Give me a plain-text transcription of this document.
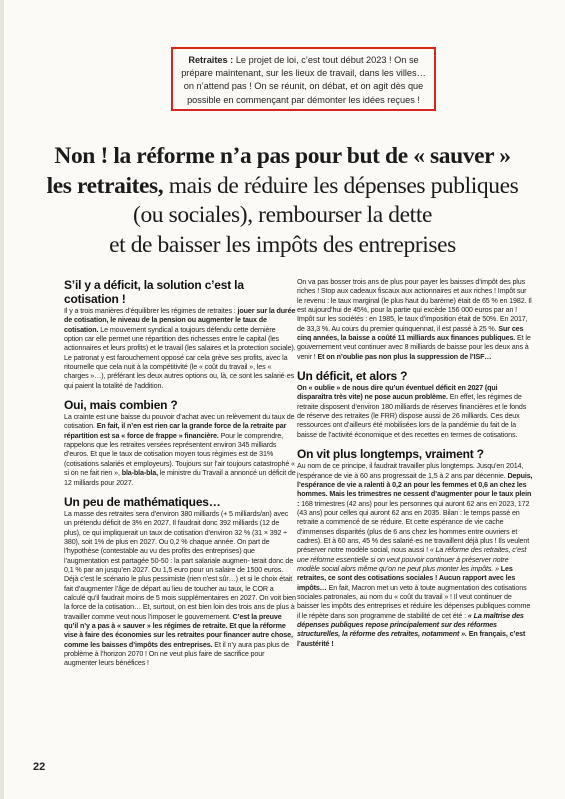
Retraites : Le projet de loi, c’est tout début 2023 ! On se prépare maintenant, sur les lieux de travail, dans les villes… on n’attend pas ! On se réunit, on débat, et on agit dès que possible en commençant par démonter les idées reçues !
Non ! la réforme n’a pas pour but de « sauver »
les retraites, mais de réduire les dépenses publiques
(ou sociales), rembourser la dette
et de baisser les impôts des entreprises
S’il y a déficit, la solution c’est la cotisation !

Il y a trois manières d’équilibrer les régimes de retraites : jouer sur la durée de cotisation, le niveau de la pension ou augmenter le taux de cotisation. Le mouvement syndical a toujours défendu cette dernière option car elle permet une répartition des richesses entre le capital (les actionnaires et leurs profits) et le travail (les salaires et la protection sociale). Le patronat y est farouchement opposé car cela grève ses profits, avec la ritournelle que cela nuit à la compétitivité (le « coût du travail », les « charges »…), préférant les deux autres options ou, là, ce sont les salarié·es qui paient la totalité de l’addition.

Oui, mais combien ?

La crainte est une baisse du pouvoir d’achat avec un relèvement du taux de cotisation. En fait, il n’en est rien car la grande force de la retraite par répartition est sa « force de frappe » financière. Pour le comprendre, rappelons que les retraites versées représentent environ 345 milliards d’euros. Et que le taux de cotisation moyen tous régimes est de 31% (cotisations salariés et employeurs). Toujours sur l’air toujours catastrophé « si on ne fait rien », bla-bla-bla, le ministre du Travail a annoncé un déficit de 12 milliards pour 2027.

Un peu de mathématiques…

La masse des retraites sera d’environ 380 milliards (+ 5 milliards/an) avec un prétendu déficit de 3% en 2027. Il faudrait donc 392 milliards (12 de plus), ce qui impliquerait un taux de cotisation d’environ 32 % (31 × 392 ÷ 380), soit 1% de plus en 2027. Ou 0,2 % chaque année. On part de l’hypothèse (contestable au vu des profits des entreprises) que l’augmentation est partagée 50-50 : la part salariale augmen- terait donc de 0,1 % par an jusqu’en 2027. Ou 1,5 euro pour un salaire de 1500 euros. Déjà c’est le scénario le plus pessimiste (rien n’est sûr…) et si le choix était fait d’augmenter l’âge de départ au lieu de toucher au taux, le COR a calculé qu’il faudrait moins de 5 mois supplémentaires en 2027. On voit bien la force de la cotisation… Et, surtout, on est bien loin des trois ans de plus à travailler comme veut nous l’imposer le gouvernement. C’est la preuve qu’il n’y a pas à « sauver » les régimes de retraite. Et que la réforme vise à faire des économies sur les retraites pour financer autre chose, comme les baisses d’impôts des entreprises. Et il n’y aura pas plus de problème à l’horizon 2070 ! On ne veut plus faire de sacrifice pour augmenter leurs bénéfices !

On va pas bosser trois ans de plus pour payer les baisses d’impôt des plus riches ! Stop aux cadeaux fiscaux aux actionnaires et aux riches ! Impôt sur le revenu : le taux marginal (le plus haut du barème) était de 65 % en 1982. Il est aujourd’hui de 45%, pour la partie qui excède 156 000 euros par an ! Impôt sur les sociétés : en 1985, le taux d’imposition était de 50%. En 2017, de 33,3 %. Au cours du premier quinquennat, il est passé à 25 %. Sur ces cinq années, la baisse a coûté 11 milliards aux finances publiques. Et le gouvernement veut continuer avec 8 milliards de baisse pour les deux ans à venir ! Et on n’oublie pas non plus la suppression de l’ISF…

Un déficit, et alors ?

On « oublie » de nous dire qu’un éventuel déficit en 2027 (qui disparaîtra très vite) ne pose aucun problème. En effet, les régimes de retraite disposent d’environ 180 milliards de réserves financières et le fonds de réserve des retraites (le FRR) dispose aussi de 26 milliards. Ces deux ressources ont d’ailleurs été mobilisées lors de la pandémie du fait de la baisse de l’activité économique et des recettes en termes de cotisations.

On vit plus longtemps, vraiment ?

Au nom de ce principe, il faudrait travailler plus longtemps. Jusqu’en 2014, l’espérance de vie à 60 ans progressait de 1,5 à 2 ans par décennie. Depuis, l’espérance de vie a ralenti à 0,2 an pour les femmes et 0,6 an chez les hommes. Mais les trimestres ne cessent d’augmenter pour le taux plein : 168 trimestres (42 ans) pour les personnes qui auront 62 ans en 2023, 172 (43 ans) pour celles qui auront 62 ans en 2035. Bilan : le temps passé en retraite a commencé de se réduire. Et cette espérance de vie cache d’immenses disparités (plus de 6 ans chez les hommes entre ouvriers et cadres). Et à 60 ans, 45 % des salarié·es ne travaillent déjà plus ! Ils veulent préserver notre modèle social, nous aussi ! « La réforme des retraites, c’est une réforme essentielle si on veut pouvoir continuer à préserver notre modèle social alors même qu’on ne peut plus monter les impôts. » Les retraites, ce sont des cotisations sociales ! Aucun rapport avec les impôts… En fait, Macron met un veto à toute augmentation des cotisations sociales patronales, au nom du « coût du travail » ! Il veut continuer de baisser les impôts des entreprises et réduire les dépenses publiques comme il le répète dans son programme de stabilité de cet été : « La maîtrise des dépenses publiques repose principalement sur des réformes structurelles, la réforme des retraites, notamment ». En français, c’est l’austérité !

22
